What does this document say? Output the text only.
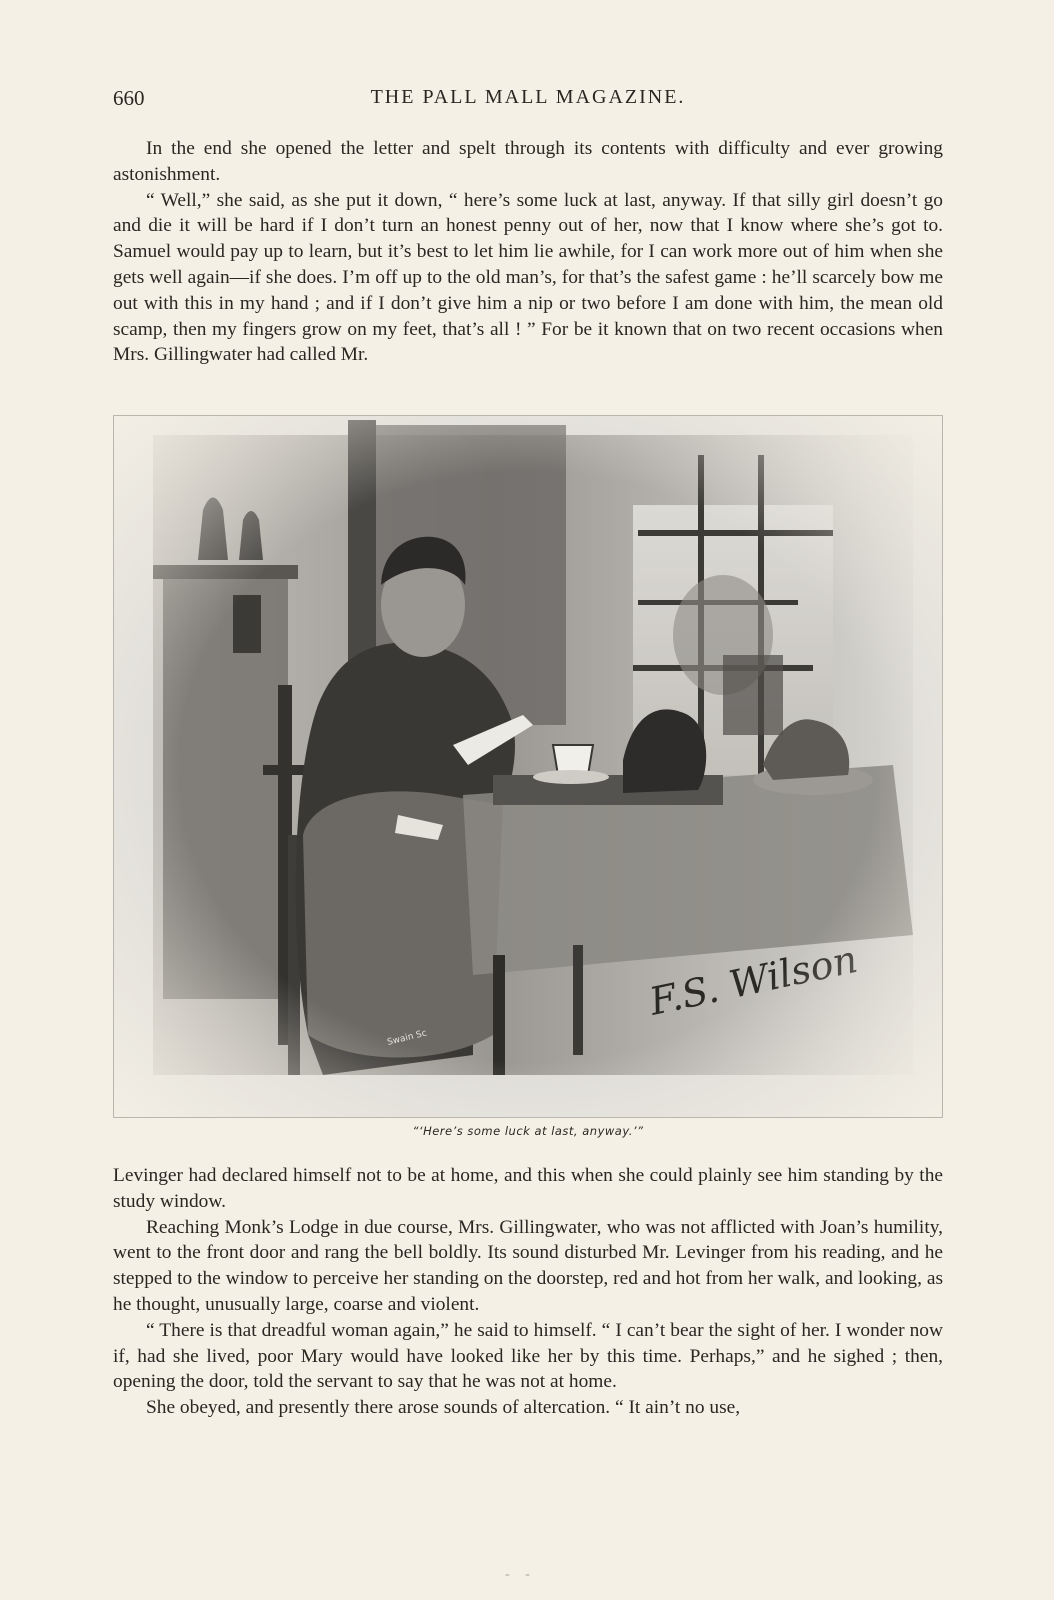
660	THE PALL MALL MAGAZINE.

In the end she opened the letter and spelt through its contents with difficulty and ever growing astonishment.

“ Well,” she said, as she put it down, “ here’s some luck at last, anyway. If that silly girl doesn’t go and die it will be hard if I don’t turn an honest penny out of her, now that I know where she’s got to. Samuel would pay up to learn, but it’s best to let him lie awhile, for I can work more out of him when she gets well again—if she does. I’m off up to the old man’s, for that’s the safest game : he’ll scarcely bow me out with this in my hand ; and if I don’t give him a nip or two before I am done with him, the mean old scamp, then my fingers grow on my feet, that’s all ! ” For be it known that on two recent occasions when Mrs. Gillingwater had called Mr.

“‘Here’s some luck at last, anyway.’”

Levinger had declared himself not to be at home, and this when she could plainly see him standing by the study window.

Reaching Monk’s Lodge in due course, Mrs. Gillingwater, who was not afflicted with Joan’s humility, went to the front door and rang the bell boldly. Its sound disturbed Mr. Levinger from his reading, and he stepped to the window to perceive her standing on the doorstep, red and hot from her walk, and looking, as he thought, unusually large, coarse and violent.

“ There is that dreadful woman again,” he said to himself. “ I can’t bear the sight of her. I wonder now if, had she lived, poor Mary would have looked like her by this time. Perhaps,” and he sighed ; then, opening the door, told the servant to say that he was not at home.

She obeyed, and presently there arose sounds of altercation. “ It ain’t no use,

- -
